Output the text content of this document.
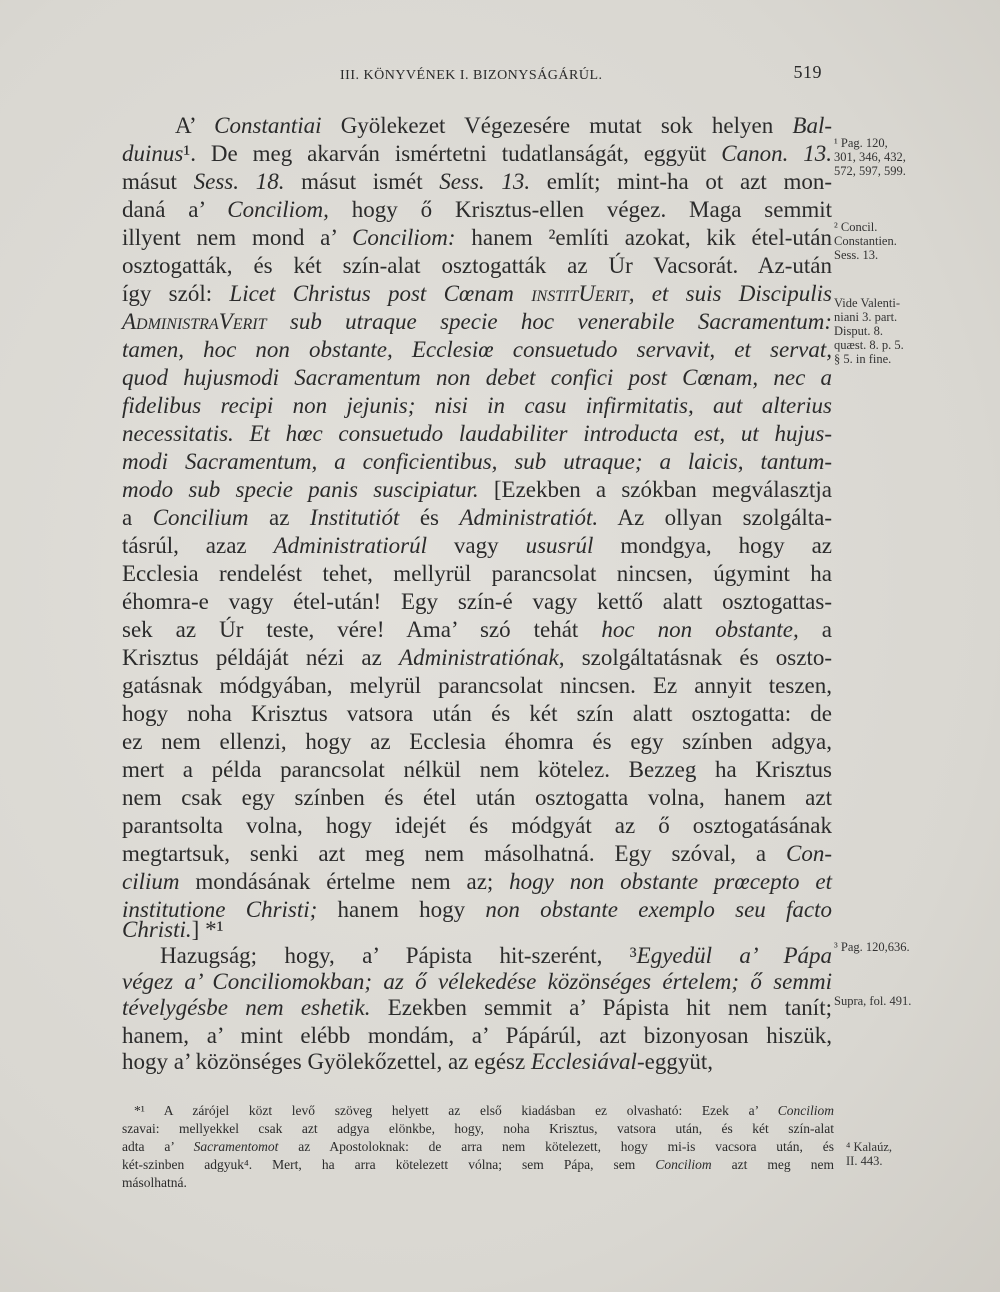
III. KÖNYVÉNEK I. BIZONYSÁGÁRÚL.	519
A’ Constantiai Gyölekezet Végezesére mutat sok helyen Bal-
duinus¹. De meg akarván ismértetni tudatlanságát, eggyüt Canon. 13.
másut Sess. 18. másut ismét Sess. 13. említ; mint-ha ot azt mon-
daná a’ Conciliom, hogy ő Krisztus-ellen végez. Maga semmit
illyent nem mond a’ Conciliom: hanem ²említi azokat, kik étel-után
osztogatták, és két szín-alat osztogatták az Úr Vacsorát. Az-után
így szól: Licet Christus post Cœnam institUerit, et suis Discipulis
AdministraVerit sub utraque specie hoc venerabile Sacramentum:
tamen, hoc non obstante, Ecclesiœ consuetudo servavit, et servat,
quod hujusmodi Sacramentum non debet confici post Cœnam, nec a
fidelibus recipi non jejunis; nisi in casu infirmitatis, aut alterius
necessitatis. Et hœc consuetudo laudabiliter introducta est, ut hujus-
modi Sacramentum, a conficientibus, sub utraque; a laicis, tantum-
modo sub specie panis suscipiatur. [Ezekben a szókban megválasztja
a Concilium az Institutiót és Administratiót. Az ollyan szolgálta-
tásrúl, azaz Administratiorúl vagy ususrúl mondgya, hogy az
Ecclesia rendelést tehet, mellyrül parancsolat nincsen, úgymint ha
éhomra-e vagy étel-után! Egy szín-é vagy kettő alatt osztogattas-
sek az Úr teste, vére! Ama’ szó tehát hoc non obstante, a
Krisztus példáját nézi az Administratiónak, szolgáltatásnak és oszto-
gatásnak módgyában, melyrül parancsolat nincsen. Ez annyit teszen,
hogy noha Krisztus vatsora után és két szín alatt osztogatta: de
ez nem ellenzi, hogy az Ecclesia éhomra és egy színben adgya,
mert a példa parancsolat nélkül nem kötelez. Bezzeg ha Krisztus
nem csak egy színben és étel után osztogatta volna, hanem azt
parantsolta volna, hogy idejét és módgyát az ő osztogatásának
megtartsuk, senki azt meg nem másolhatná. Egy szóval, a Con-
cilium mondásának értelme nem az; hogy non obstante prœcepto et
institutione Christi; hanem hogy non obstante exemplo seu facto
Christi.] *¹
Hazugság; hogy, a’ Pápista hit-szerént, ³Egyedül a’ Pápa
végez a’ Conciliomokban; az ő vélekedése közönséges értelem; ő semmi
tévelygésbe nem eshetik. Ezekben semmit a’ Pápista hit nem tanít;
hanem, a’ mint elébb mondám, a’ Pápárúl, azt bizonyosan hiszük,
hogy a’ közönséges Gyölekőzettel, az egész Ecclesiával-eggyüt,
¹ Pag. 120,
301, 346, 432,
572, 597, 599.
² Concil.
Constantien.
Sess. 13.
Vide Valenti-
niani 3. part.
Disput. 8.
quæst. 8. p. 5.
§ 5. in fine.
³ Pag. 120,636.
Supra, fol. 491.
⁴ Kalaúz,
II. 443.
*¹ A zárójel közt levő szöveg helyett az első kiadásban ez olvasható: Ezek a’ Conciliom
szavai: mellyekkel csak azt adgya elönkbe, hogy, noha Krisztus, vatsora után, és két szín-alat
adta a’ Sacramentomot az Apostoloknak: de arra nem kötelezett, hogy mi-is vacsora után, és
két-szinben adgyuk⁴. Mert, ha arra kötelezett vólna; sem Pápa, sem Conciliom azt meg nem
másolhatná.
